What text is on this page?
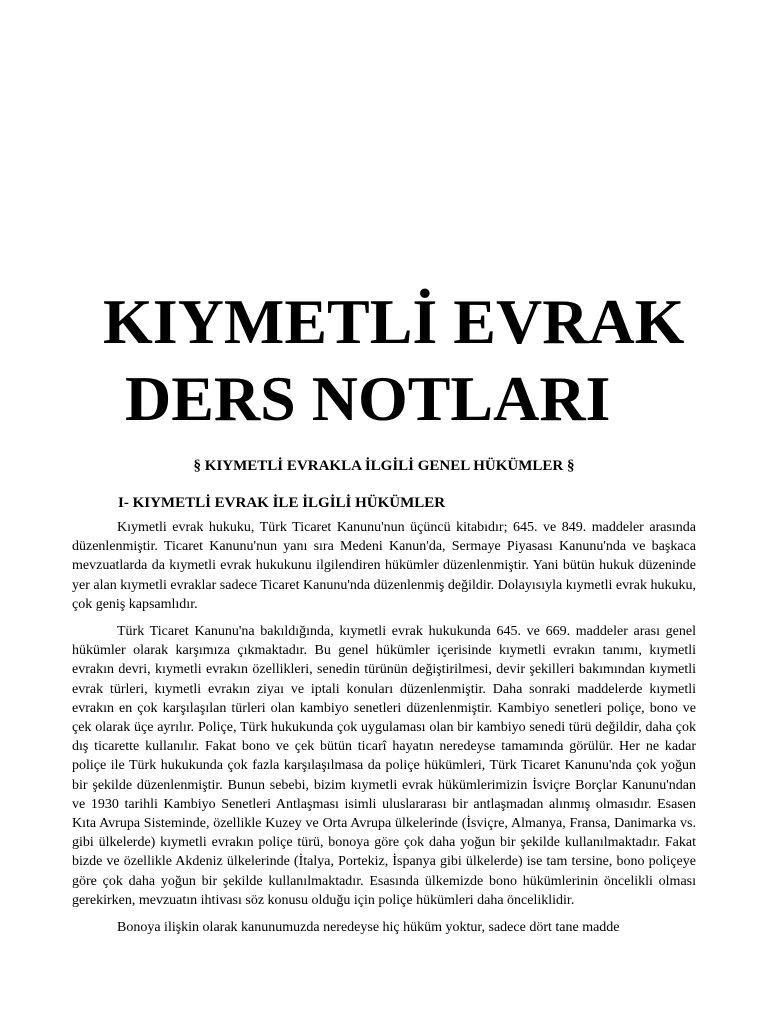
KIYMETLİ EVRAK
DERS NOTLARI
§ KIYMETLİ EVRAKLA İLGİLİ GENEL HÜKÜMLER §
I- KIYMETLİ EVRAK İLE İLGİLİ HÜKÜMLER

Kıymetli evrak hukuku, Türk Ticaret Kanunu'nun üçüncü kitabıdır; 645. ve 849. maddeler arasında düzenlenmiştir. Ticaret Kanunu'nun yanı sıra Medeni Kanun'da, Sermaye Piyasası Kanunu'nda ve başkaca mevzuatlarda da kıymetli evrak hukukunu ilgilendiren hükümler düzenlenmiştir. Yani bütün hukuk düzeninde yer alan kıymetli evraklar sadece Ticaret Kanunu'nda düzenlenmiş değildir. Dolayısıyla kıymetli evrak hukuku, çok geniş kapsamlıdır.

Türk Ticaret Kanunu'na bakıldığında, kıymetli evrak hukukunda 645. ve 669. maddeler arası genel hükümler olarak karşımıza çıkmaktadır. Bu genel hükümler içerisinde kıymetli evrakın tanımı, kıymetli evrakın devri, kıymetli evrakın özellikleri, senedin türünün değiştirilmesi, devir şekilleri bakımından kıymetli evrak türleri, kıymetli evrakın ziyaı ve iptali konuları düzenlenmiştir. Daha sonraki maddelerde kıymetli evrakın en çok karşılaşılan türleri olan kambiyo senetleri düzenlenmiştir. Kambiyo senetleri poliçe, bono ve çek olarak üçe ayrılır. Poliçe, Türk hukukunda çok uygulaması olan bir kambiyo senedi türü değildir, daha çok dış ticarette kullanılır. Fakat bono ve çek bütün ticarî hayatın neredeyse tamamında görülür. Her ne kadar poliçe ile Türk hukukunda çok fazla karşılaşılmasa da poliçe hükümleri, Türk Ticaret Kanunu'nda çok yoğun bir şekilde düzenlenmiştir. Bunun sebebi, bizim kıymetli evrak hükümlerimizin İsviçre Borçlar Kanunu'ndan ve 1930 tarihli Kambiyo Senetleri Antlaşması isimli uluslararası bir antlaşmadan alınmış olmasıdır. Esasen Kıta Avrupa Sisteminde, özellikle Kuzey ve Orta Avrupa ülkelerinde (İsviçre, Almanya, Fransa, Danimarka vs. gibi ülkelerde) kıymetli evrakın poliçe türü, bonoya göre çok daha yoğun bir şekilde kullanılmaktadır. Fakat bizde ve özellikle Akdeniz ülkelerinde (İtalya, Portekiz, İspanya gibi ülkelerde) ise tam tersine, bono poliçeye göre çok daha yoğun bir şekilde kullanılmaktadır. Esasında ülkemizde bono hükümlerinin öncelikli olması gerekirken, mevzuatın ihtivası söz konusu olduğu için poliçe hükümleri daha önceliklidir.

Bonoya ilişkin olarak kanunumuzda neredeyse hiç hüküm yoktur, sadece dört tane madde
